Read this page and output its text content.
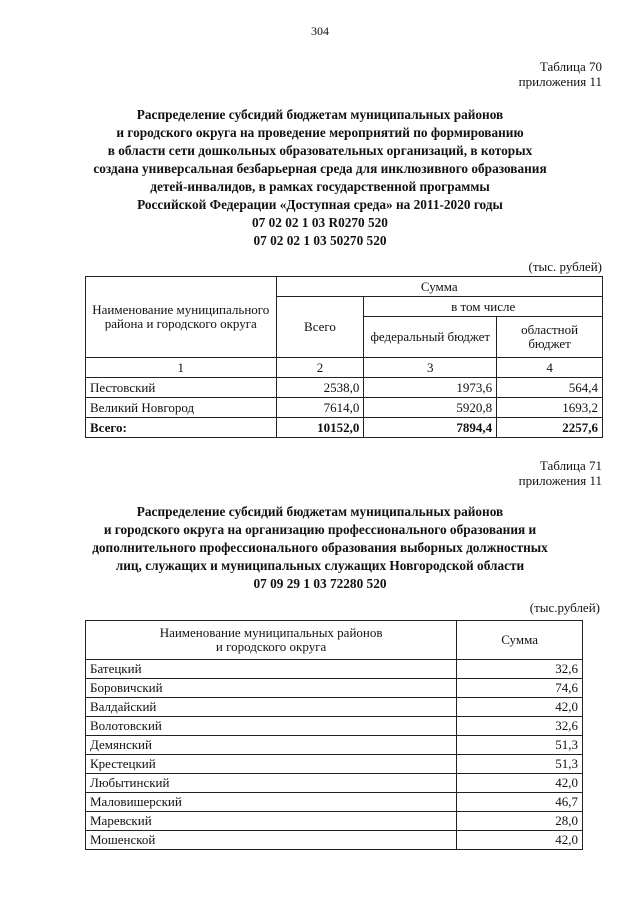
304
Таблица 70
приложения 11
Распределение субсидий бюджетам муниципальных районов
и городского округа на проведение мероприятий по формированию
в области сети дошкольных образовательных организаций, в которых
создана универсальная безбарьерная среда для инклюзивного образования
детей-инвалидов, в рамках государственной программы
Российской Федерации «Доступная среда» на 2011-2020 годы
07 02 02 1 03 R0270 520
07 02 02 1 03 50270 520
(тыс. рублей)
Наименование муниципального района и городского округа	Сумма		
	Всего	в том числе	
		федеральный бюджет	областной бюджет
1	2	3	4
Пестовский	2538,0	1973,6	564,4
Великий Новгород	7614,0	5920,8	1693,2
Всего:	10152,0	7894,4	2257,6
Таблица 71
приложения 11
Распределение субсидий бюджетам муниципальных районов
и городского округа на организацию профессионального образования и
дополнительного профессионального образования выборных должностных
лиц, служащих и муниципальных служащих Новгородской области
07 09 29 1 03 72280 520
(тыс.рублей)
Наименование муниципальных районов
и городского округа	Сумма
Батецкий	32,6
Боровичский	74,6
Валдайский	42,0
Волотовский	32,6
Демянский	51,3
Крестецкий	51,3
Любытинский	42,0
Маловишерский	46,7
Маревский	28,0
Мошенской	42,0
